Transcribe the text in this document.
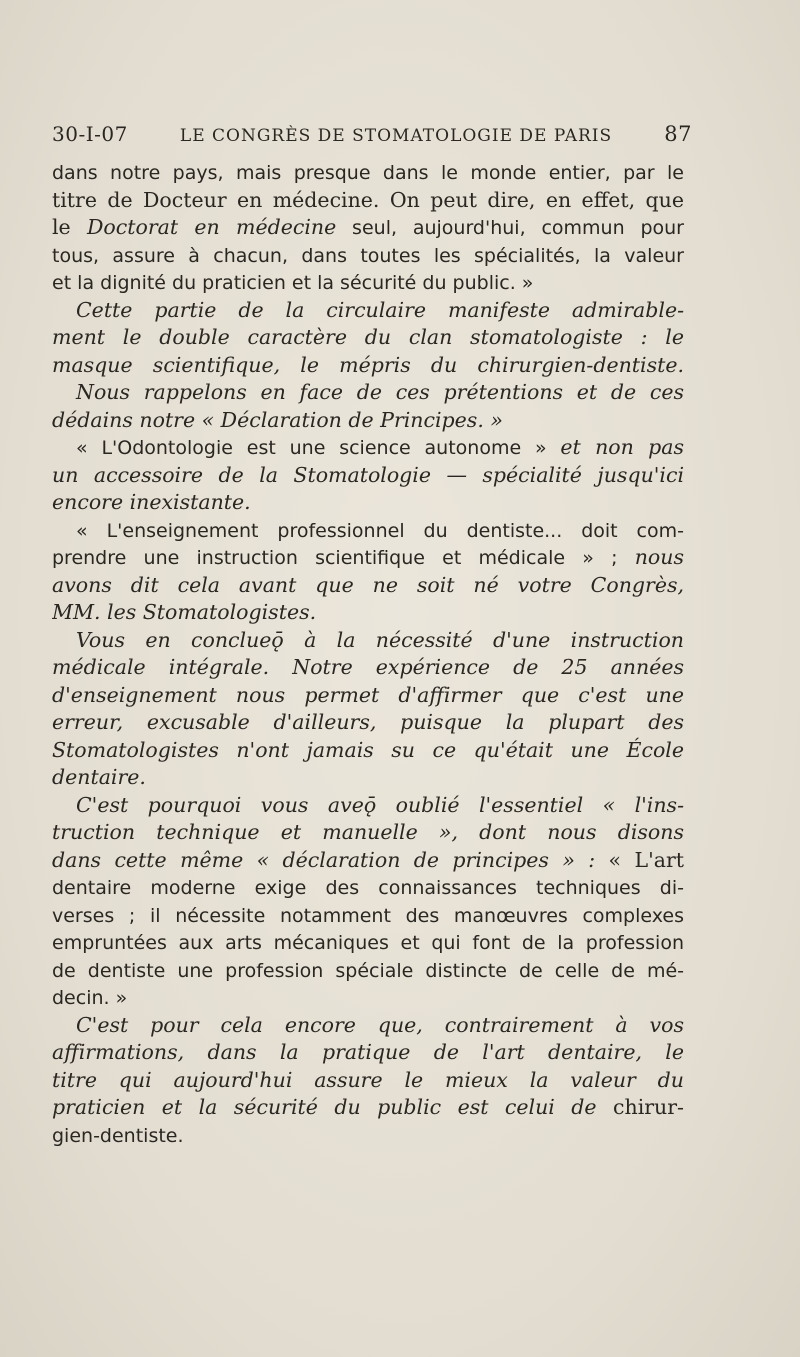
30-I-07	LE CONGRÈS DE STOMATOLOGIE DE PARIS 87
dans notre pays, mais presque dans le monde entier, par le
titre de Docteur en médecine. On peut dire, en effet, que
le Doctorat en médecine seul, aujourd'hui, commun pour
tous, assure à chacun, dans toutes les spécialités, la valeur
et la dignité du praticien et la sécurité du public. »
Cette partie de la circulaire manifeste admirable-
ment le double caractère du clan stomatologiste : le
masque scientifique, le mépris du chirurgien-dentiste.
Nous rappelons en face de ces prétentions et de ces
dédains notre « Déclaration de Principes. »
« L'Odontologie est une science autonome » et non pas
un accessoire de la Stomatologie — spécialité jusqu'ici
encore inexistante.
« L'enseignement professionnel du dentiste... doit com-
prendre une instruction scientifique et médicale » ; nous
avons dit cela avant que ne soit né votre Congrès,
MM. les Stomatologistes.
Vous en conclueǭ à la nécessité d'une instruction
médicale intégrale. Notre expérience de 25 années
d'enseignement nous permet d'affirmer que c'est une
erreur, excusable d'ailleurs, puisque la plupart des
Stomatologistes n'ont jamais su ce qu'était une École
dentaire.
C'est pourquoi vous aveǭ oublié l'essentiel « l'ins-
truction technique et manuelle », dont nous disons
dans cette même « déclaration de principes » : « L'art
dentaire moderne exige des connaissances techniques di-
verses ; il nécessite notamment des manœuvres complexes
empruntées aux arts mécaniques et qui font de la profession
de dentiste une profession spéciale distincte de celle de mé-
decin. »
C'est pour cela encore que, contrairement à vos
affirmations, dans la pratique de l'art dentaire, le
titre qui aujourd'hui assure le mieux la valeur du
praticien et la sécurité du public est celui de chirur-
gien-dentiste.
